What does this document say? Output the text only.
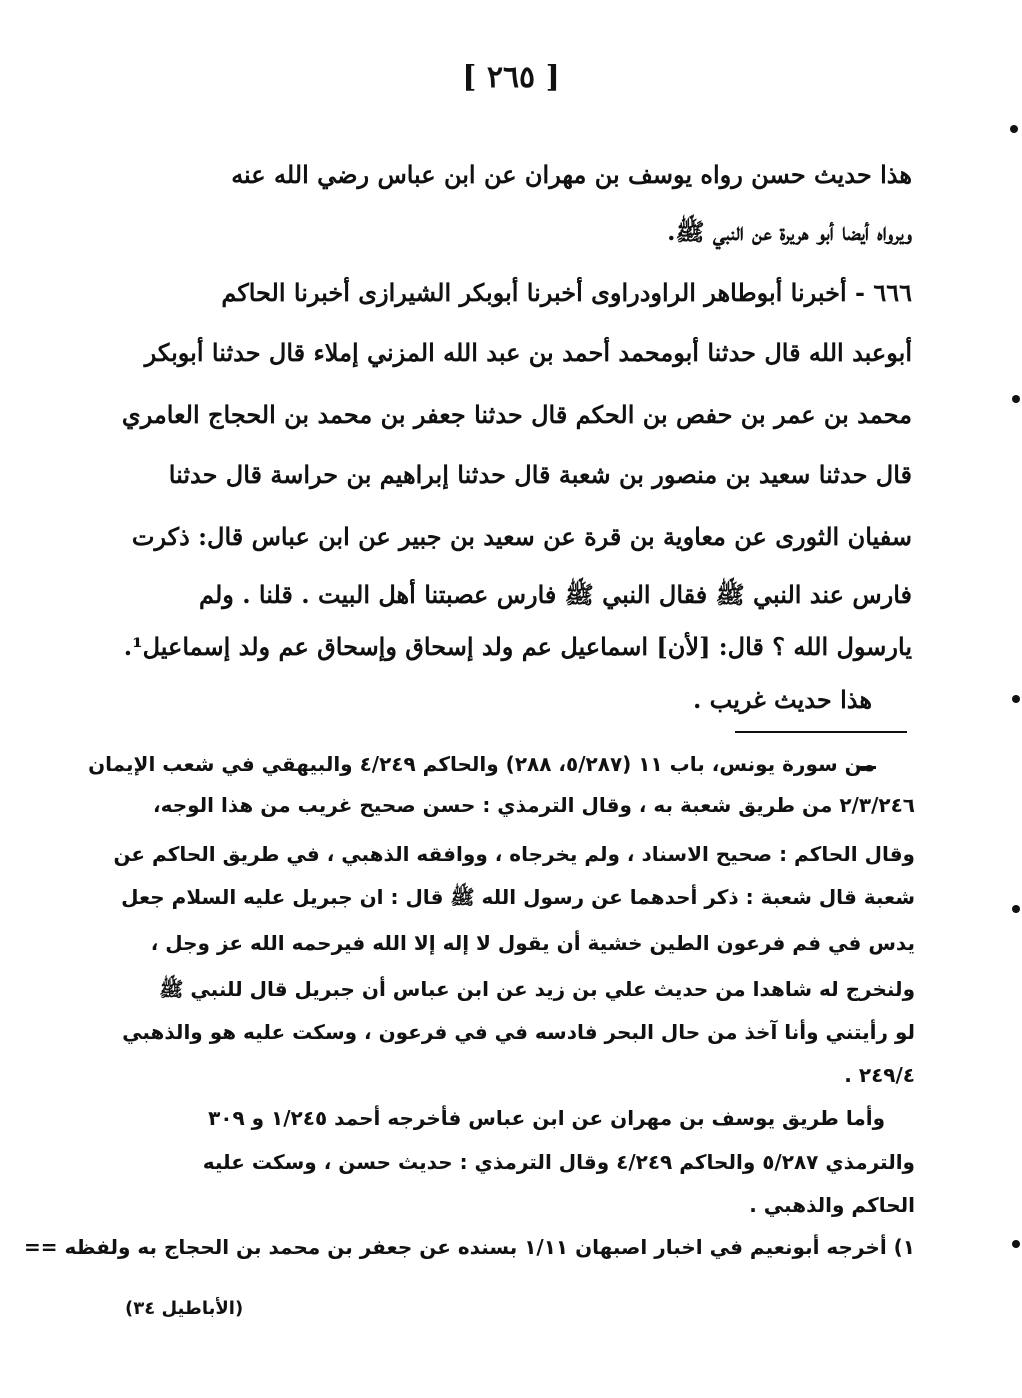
[ ٢٦٥ ]
هذا حديث حسن رواه يوسف بن مهران عن ابن عباس رضي الله عنه
ويرواه أيضا أبو هريرة عن النبي ﷺ.
٦٦٦ - أخبرنا أبوطاهر الراودراوى أخبرنا أبوبكر الشيرازى أخبرنا الحاكم
أبوعبد الله قال حدثنا أبومحمد أحمد بن عبد الله المزني إملاء قال حدثنا أبوبكر
محمد بن عمر بن حفص بن الحكم قال حدثنا جعفر بن محمد بن الحجاج العامري
قال حدثنا سعيد بن منصور بن شعبة قال حدثنا إبراهيم بن حراسة قال حدثنا
سفيان الثورى عن معاوية بن قرة عن سعيد بن جبير عن ابن عباس قال: ذكرت
فارس عند النبي ﷺ فقال النبي ﷺ فارس عصبتنا أهل البيت . قلنا . ولم
يارسول الله ؟ قال: [لأن] اسماعيل عم ولد إسحاق وإسحاق عم ولد إسماعيل¹.
هذا حديث غريب .
من سورة يونس، باب ١١ (٥/٢٨٧، ٢٨٨) والحاكم ٤/٢٤٩ والبيهقي في شعب الإيمان
٢/٣/٢٤٦ من طريق شعبة به ، وقال الترمذي : حسن صحيح غريب من هذا الوجه،
وقال الحاكم : صحيح الاسناد ، ولم يخرجاه ، ووافقه الذهبي ، في طريق الحاكم عن
شعبة قال شعبة : ذكر أحدهما عن رسول الله ﷺ قال : ان جبريل عليه السلام جعل
يدس في فم فرعون الطين خشية أن يقول لا إله إلا الله فيرحمه الله عز وجل ،
ولنخرج له شاهدا من حديث علي بن زيد عن ابن عباس أن جبريل قال للنبي ﷺ
لو رأيتني وأنا آخذ من حال البحر فادسه في في فرعون ، وسكت عليه هو والذهبي
٢٤٩/٤ .
وأما طريق يوسف بن مهران عن ابن عباس فأخرجه أحمد ١/٢٤٥ و ٣٠٩
والترمذي ٥/٢٨٧ والحاكم ٤/٢٤٩ وقال الترمذي : حديث حسن ، وسكت عليه
الحاكم والذهبي .
١) أخرجه أبونعيم في اخبار اصبهان ١/١١ بسنده عن جعفر بن محمد بن الحجاج به ولفظه ==
(الأباطيل ٣٤)
